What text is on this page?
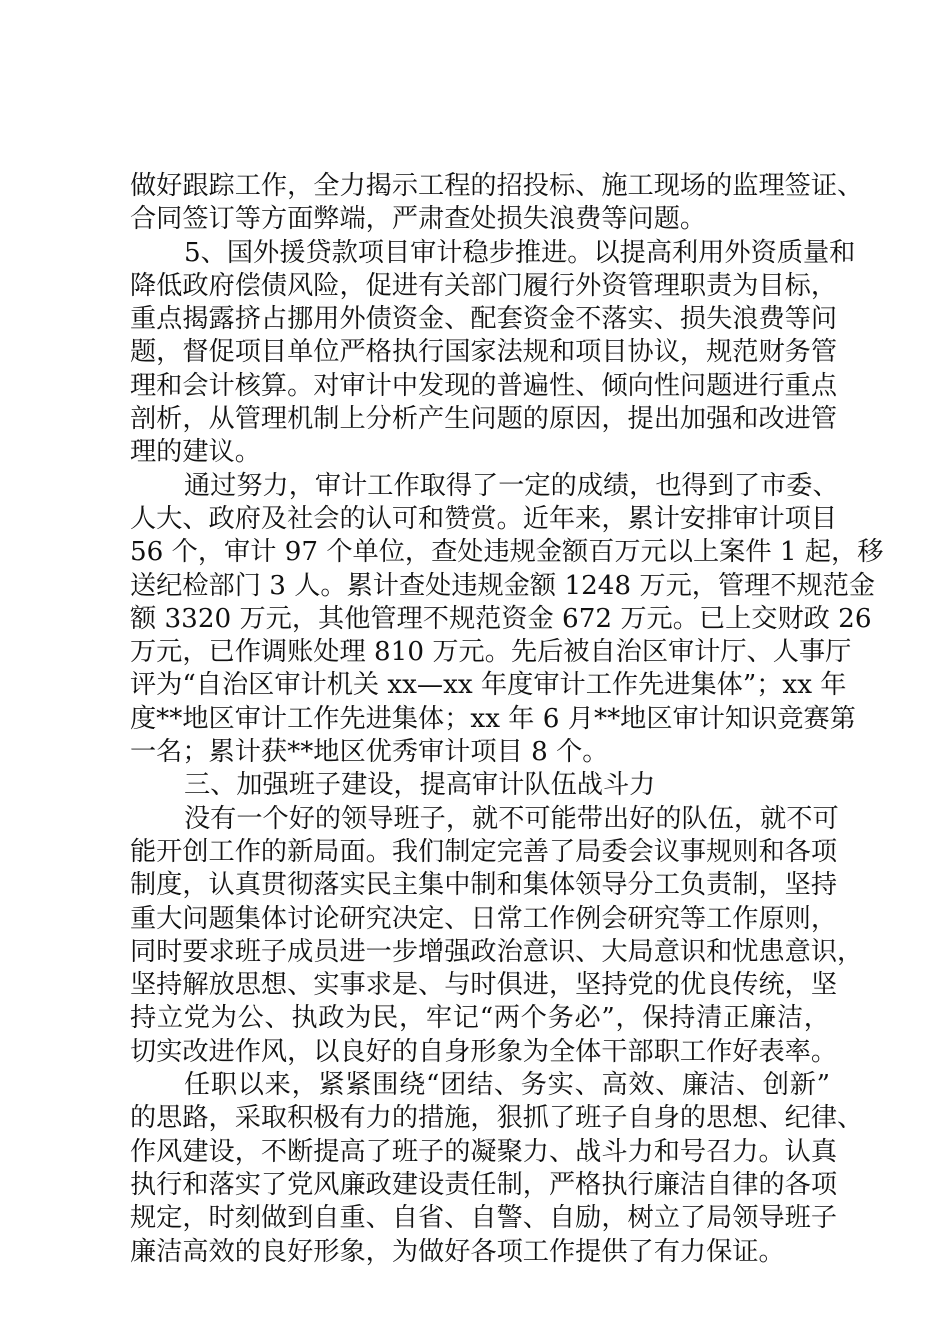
做好跟踪工作，全力揭示工程的招投标、施工现场的监理签证、
合同签订等方面弊端，严肃查处损失浪费等问题。
5、国外援贷款项目审计稳步推进。以提高利用外资质量和
降低政府偿债风险，促进有关部门履行外资管理职责为目标，
重点揭露挤占挪用外债资金、配套资金不落实、损失浪费等问
题，督促项目单位严格执行国家法规和项目协议，规范财务管
理和会计核算。对审计中发现的普遍性、倾向性问题进行重点
剖析，从管理机制上分析产生问题的原因，提出加强和改进管
理的建议。
通过努力，审计工作取得了一定的成绩，也得到了市委、
人大、政府及社会的认可和赞赏。近年来，累计安排审计项目
56 个，审计 97 个单位，查处违规金额百万元以上案件 1 起，移
送纪检部门 3 人。累计查处违规金额 1248 万元，管理不规范金
额 3320 万元，其他管理不规范资金 672 万元。已上交财政 26
万元，已作调账处理 810 万元。先后被自治区审计厅、人事厅
评为“自治区审计机关 xx—xx 年度审计工作先进集体”；xx 年
度**地区审计工作先进集体；xx 年 6 月**地区审计知识竞赛第
一名；累计获**地区优秀审计项目 8 个。
三、加强班子建设，提高审计队伍战斗力
没有一个好的领导班子，就不可能带出好的队伍，就不可
能开创工作的新局面。我们制定完善了局委会议事规则和各项
制度，认真贯彻落实民主集中制和集体领导分工负责制，坚持
重大问题集体讨论研究决定、日常工作例会研究等工作原则，
同时要求班子成员进一步增强政治意识、大局意识和忧患意识，
坚持解放思想、实事求是、与时俱进，坚持党的优良传统，坚
持立党为公、执政为民，牢记“两个务必”，保持清正廉洁，
切实改进作风，以良好的自身形象为全体干部职工作好表率。
任职以来，紧紧围绕“团结、务实、高效、廉洁、创新”
的思路，采取积极有力的措施，狠抓了班子自身的思想、纪律、
作风建设，不断提高了班子的凝聚力、战斗力和号召力。认真
执行和落实了党风廉政建设责任制，严格执行廉洁自律的各项
规定，时刻做到自重、自省、自警、自励，树立了局领导班子
廉洁高效的良好形象，为做好各项工作提供了有力保证。
